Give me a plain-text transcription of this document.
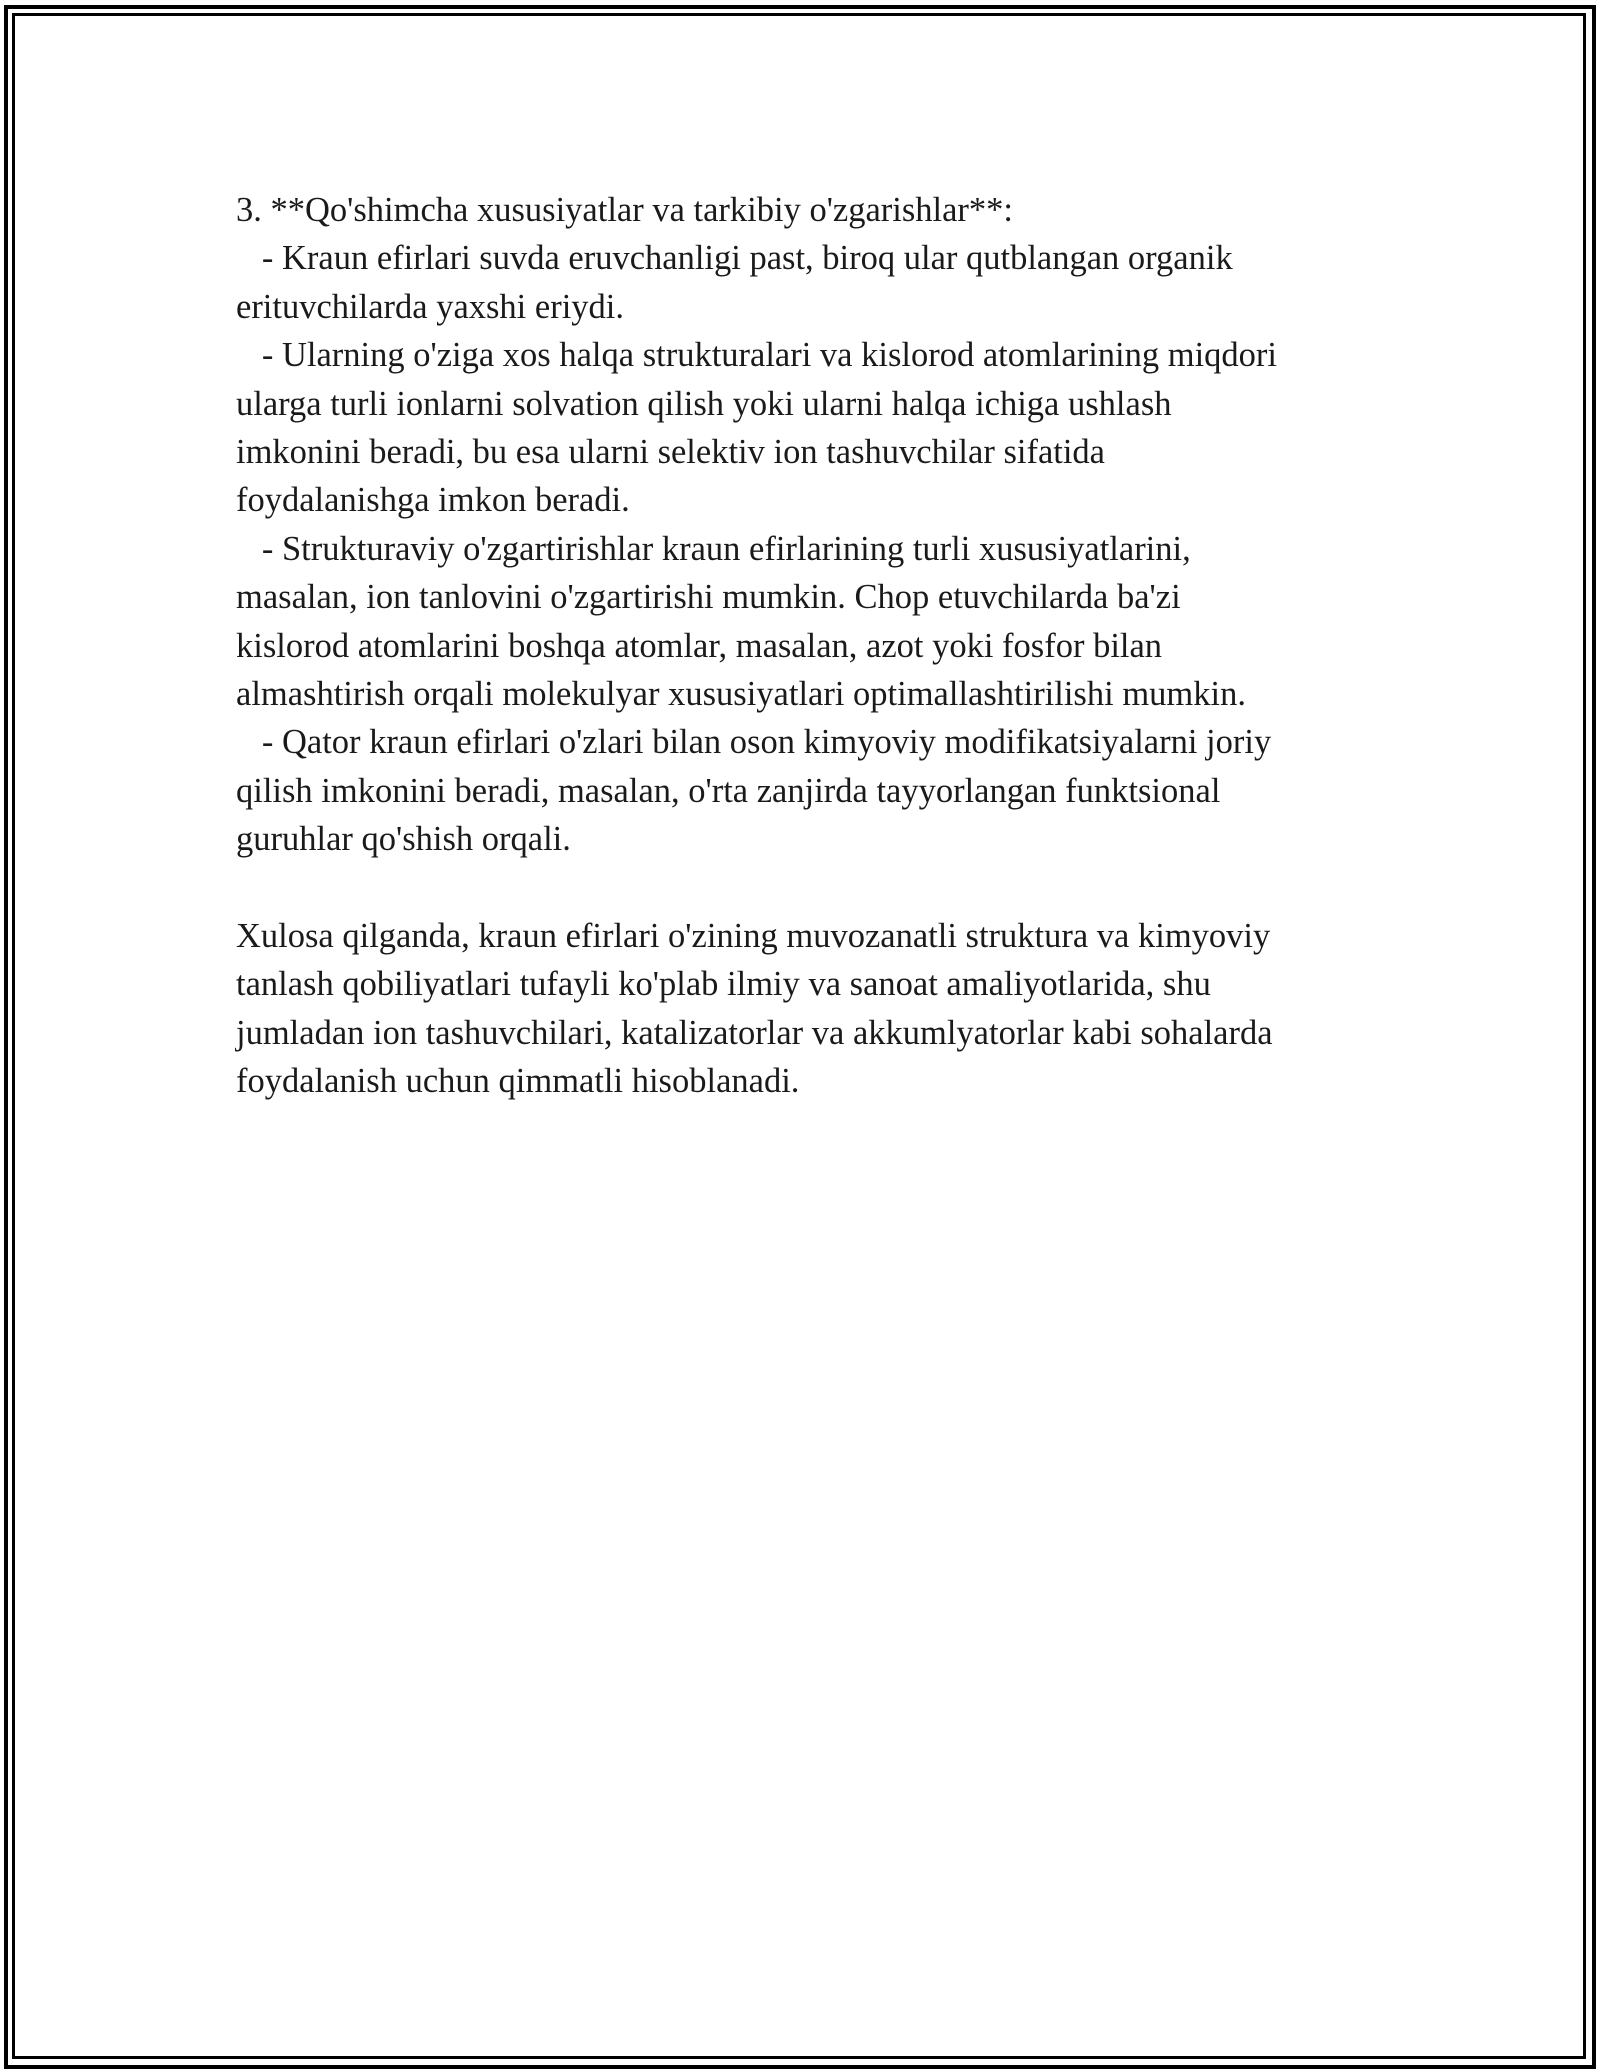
3. **Qo'shimcha xususiyatlar va tarkibiy o'zgarishlar**:
- Kraun efirlari suvda eruvchanligi past, biroq ular qutblangan organik
erituvchilarda yaxshi eriydi.
- Ularning o'ziga xos halqa strukturalari va kislorod atomlarining miqdori
ularga turli ionlarni solvation qilish yoki ularni halqa ichiga ushlash
imkonini beradi, bu esa ularni selektiv ion tashuvchilar sifatida
foydalanishga imkon beradi.
- Strukturaviy o'zgartirishlar kraun efirlarining turli xususiyatlarini,
masalan, ion tanlovini o'zgartirishi mumkin. Chop etuvchilarda ba'zi
kislorod atomlarini boshqa atomlar, masalan, azot yoki fosfor bilan
almashtirish orqali molekulyar xususiyatlari optimallashtirilishi mumkin.
- Qator kraun efirlari o'zlari bilan oson kimyoviy modifikatsiyalarni joriy
qilish imkonini beradi, masalan, o'rta zanjirda tayyorlangan funktsional
guruhlar qo'shish orqali.
Xulosa qilganda, kraun efirlari o'zining muvozanatli struktura va kimyoviy
tanlash qobiliyatlari tufayli ko'plab ilmiy va sanoat amaliyotlarida, shu
jumladan ion tashuvchilari, katalizatorlar va akkumlyatorlar kabi sohalarda
foydalanish uchun qimmatli hisoblanadi.
